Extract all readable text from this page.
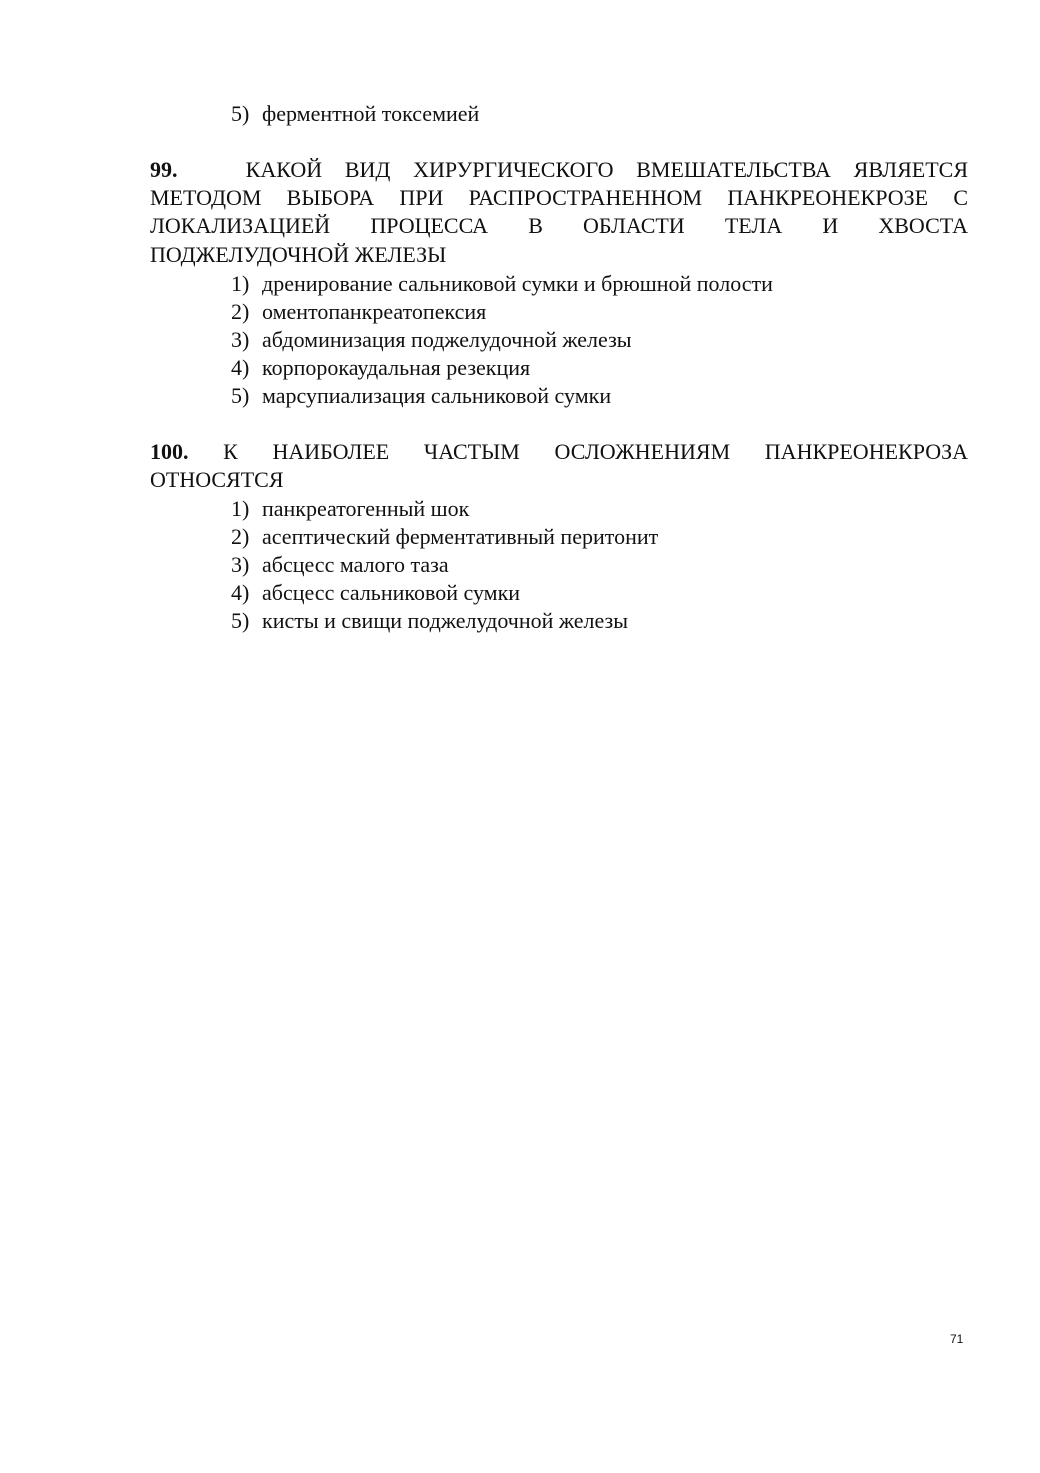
5) ферментной токсемией
99.	КАКОЙ ВИД ХИРУРГИЧЕСКОГО ВМЕШАТЕЛЬСТВА ЯВЛЯЕТСЯ
МЕТОДОМ ВЫБОРА ПРИ РАСПРОСТРАНЕННОМ ПАНКРЕОНЕКРОЗЕ С
ЛОКАЛИЗАЦИЕЙ ПРОЦЕССА В ОБЛАСТИ ТЕЛА И ХВОСТА
ПОДЖЕЛУДОЧНОЙ ЖЕЛЕЗЫ
1) дренирование сальниковой сумки и брюшной полости
2) оментопанкреатопексия
3) абдоминизация поджелудочной железы
4) корпорокаудальная резекция
5) марсупиализация сальниковой сумки
100. К НАИБОЛЕЕ ЧАСТЫМ ОСЛОЖНЕНИЯМ ПАНКРЕОНЕКРОЗА
ОТНОСЯТСЯ
1) панкреатогенный шок
2) асептический ферментативный перитонит
3) абсцесс малого таза
4) абсцесс сальниковой сумки
5) кисты и свищи поджелудочной железы
71
